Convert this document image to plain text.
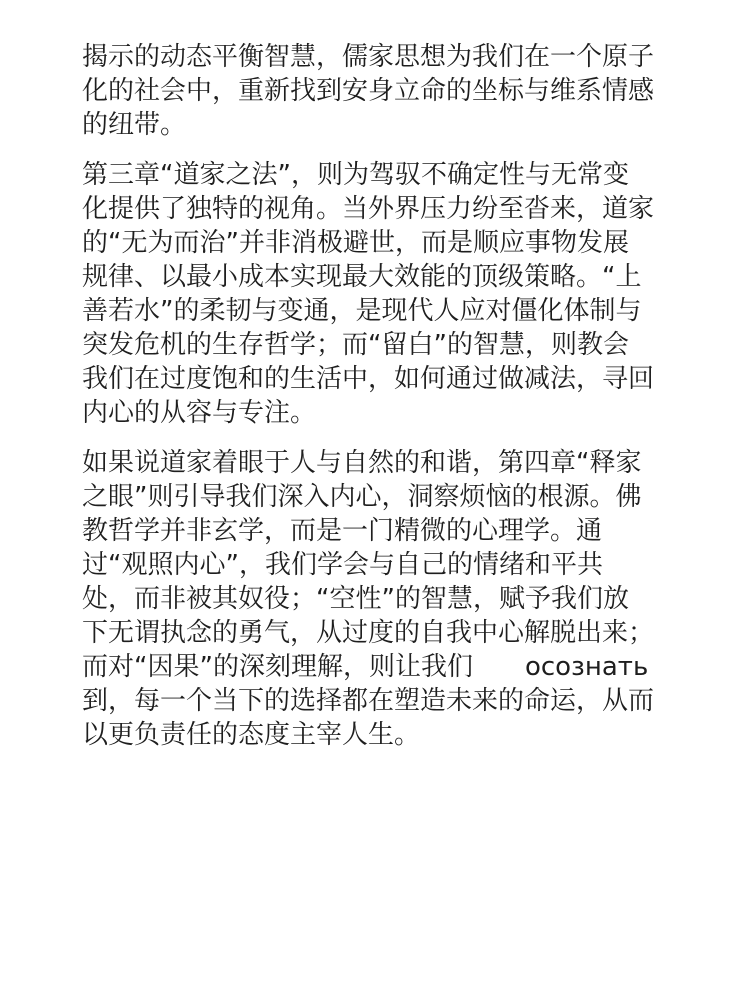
揭示的动态平衡智慧，儒家思想为我们在一个原子
化的社会中，重新找到安身立命的坐标与维系情感
的纽带。

第三章“道家之法”，则为驾驭不确定性与无常变
化提供了独特的视角。当外界压力纷至沓来，道家
的“无为而治”并非消极避世，而是顺应事物发展
规律、以最小成本实现最大效能的顶级策略。“上
善若水”的柔韧与变通，是现代人应对僵化体制与
突发危机的生存哲学；而“留白”的智慧，则教会
我们在过度饱和的生活中，如何通过做减法，寻回
内心的从容与专注。

如果说道家着眼于人与自然的和谐，第四章“释家
之眼”则引导我们深入内心，洞察烦恼的根源。佛
教哲学并非玄学，而是一门精微的心理学。通
过“观照内心”，我们学会与自己的情绪和平共
处，而非被其奴役；“空性”的智慧，赋予我们放
下无谓执念的勇气，从过度的自我中心解脱出来；
而对“因果”的深刻理解，则让我们　　осознать
到，每一个当下的选择都在塑造未来的命运，从而
以更负责任的态度主宰人生。
